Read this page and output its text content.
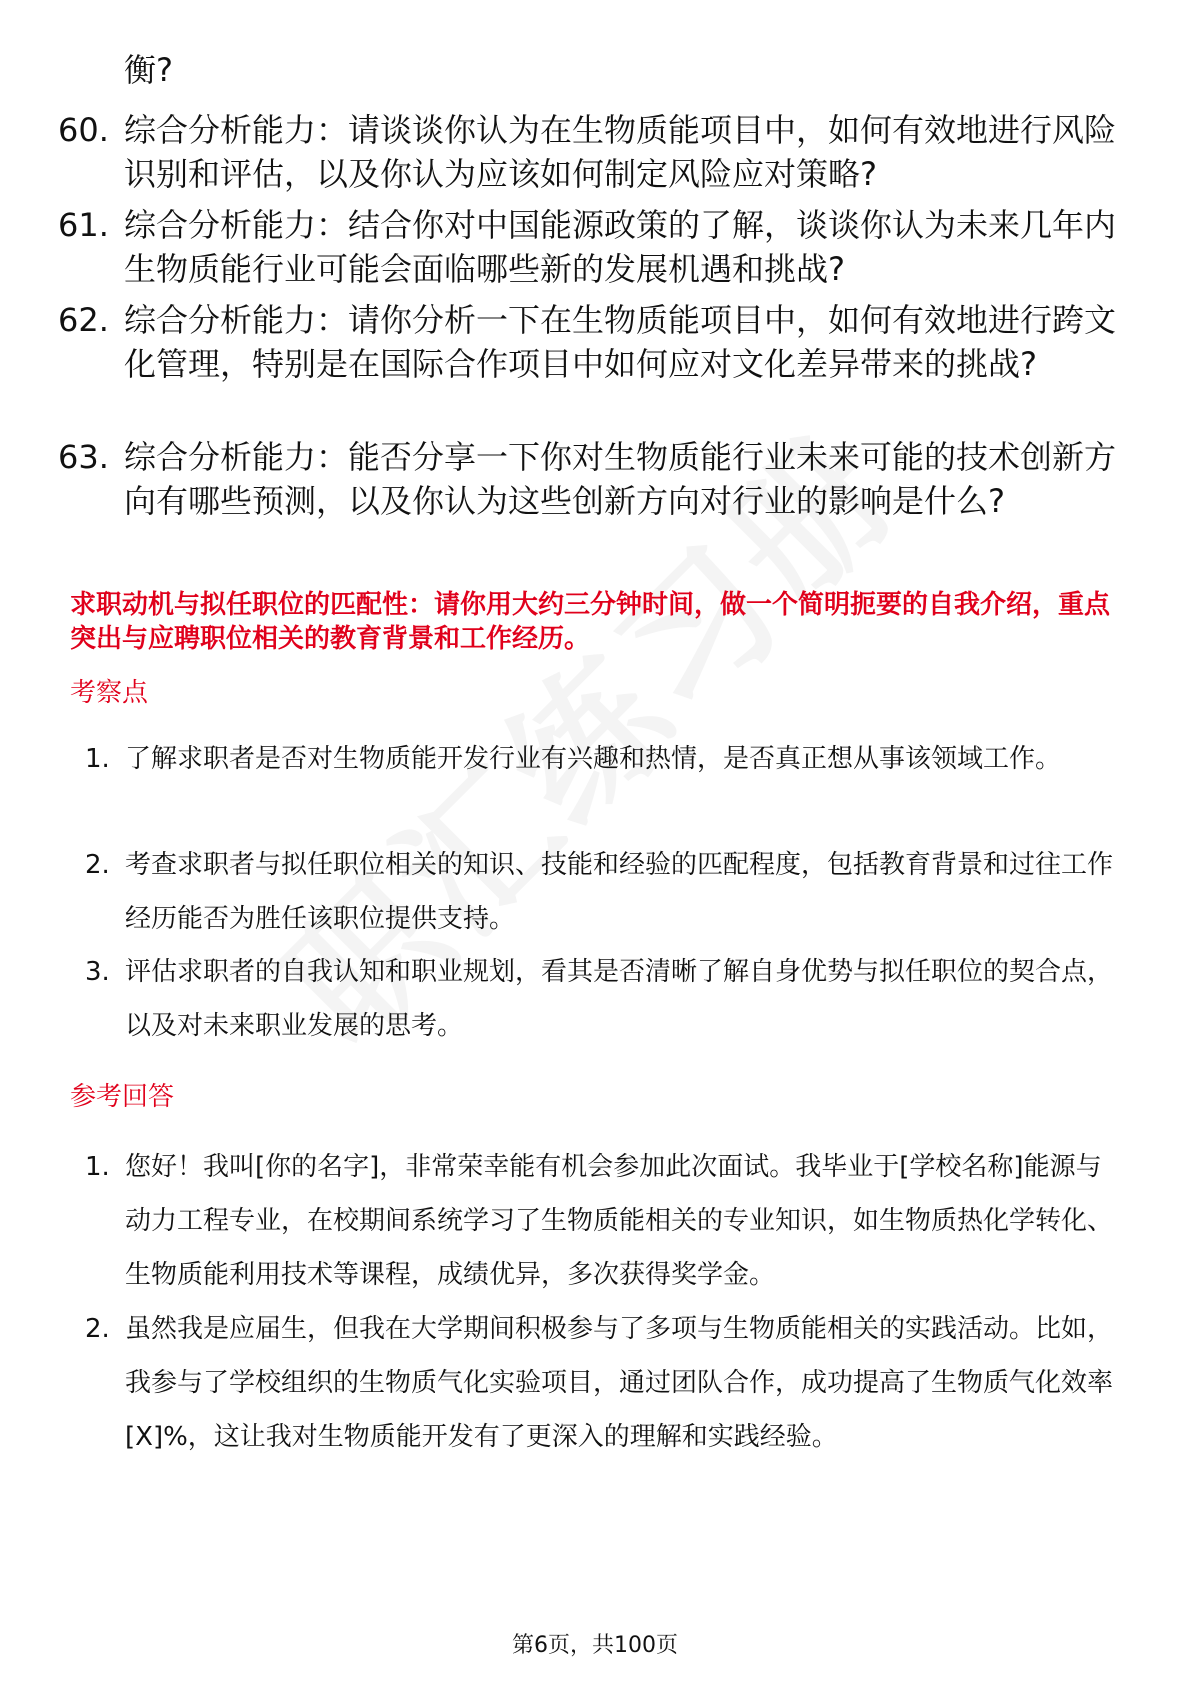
衡?
60. 综合分析能力：请谈谈你认为在生物质能项目中，如何有效地进行风险识别和评估，以及你认为应该如何制定风险应对策略?
61. 综合分析能力：结合你对中国能源政策的了解，谈谈你认为未来几年内生物质能行业可能会面临哪些新的发展机遇和挑战?
62. 综合分析能力：请你分析一下在生物质能项目中，如何有效地进行跨文化管理，特别是在国际合作项目中如何应对文化差异带来的挑战?
63. 综合分析能力：能否分享一下你对生物质能行业未来可能的技术创新方向有哪些预测，以及你认为这些创新方向对行业的影响是什么?
求职动机与拟任职位的匹配性：请你用大约三分钟时间，做一个简明扼要的自我介绍，重点突出与应聘职位相关的教育背景和工作经历。
考察点
1. 了解求职者是否对生物质能开发行业有兴趣和热情，是否真正想从事该领域工作。
2. 考查求职者与拟任职位相关的知识、技能和经验的匹配程度，包括教育背景和过往工作经历能否为胜任该职位提供支持。
3. 评估求职者的自我认知和职业规划，看其是否清晰了解自身优势与拟任职位的契合点，以及对未来职业发展的思考。
参考回答
1. 您好！我叫[你的名字]，非常荣幸能有机会参加此次面试。我毕业于[学校名称]能源与动力工程专业，在校期间系统学习了生物质能相关的专业知识，如生物质热化学转化、生物质能利用技术等课程，成绩优异，多次获得奖学金。
2. 虽然我是应届生，但我在大学期间积极参与了多项与生物质能相关的实践活动。比如，我参与了学校组织的生物质气化实验项目，通过团队合作，成功提高了生物质气化效率[X]%，这让我对生物质能开发有了更深入的理解和实践经验。
第6页，共100页
